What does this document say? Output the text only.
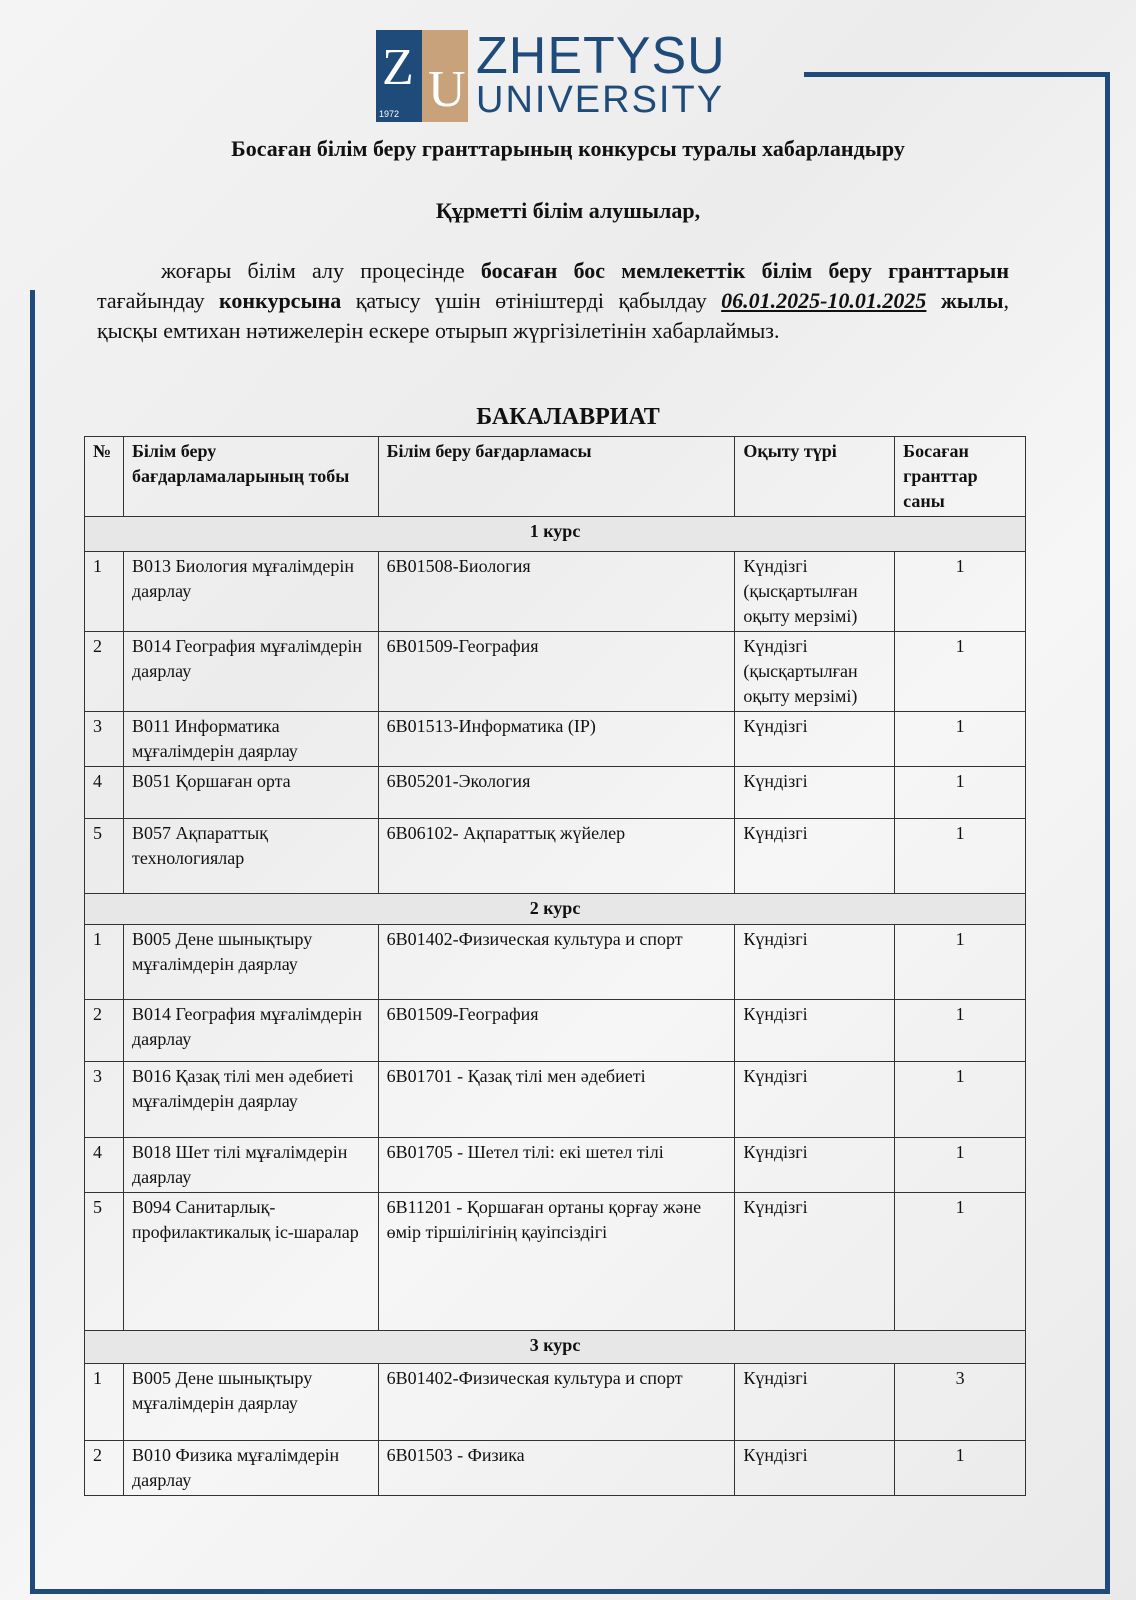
Z
1972 U
ZHETYSU
UNIVERSITY
Босаған білім беру гранттарының конкурсы туралы хабарландыру
Құрметті білім алушылар,
жоғары білім алу процесінде босаған бос мемлекеттік білім беру гранттарын тағайындау конкурсына қатысу үшін өтініштерді қабылдау 06.01.2025-10.01.2025 жылы, қысқы емтихан нәтижелерін ескере отырып жүргізілетінін хабарлаймыз.
БАКАЛАВРИАТ
№	Білім беру бағдарламаларының тобы	Білім беру бағдарламасы	Оқыту түрі	Босаған гранттар саны
1 курс				
1	В013 Биология мұғалімдерін даярлау	6В01508-Биология	Күндізгі (қысқартылған оқыту мерзімі)	1
2	В014 География мұғалімдерін даярлау	6В01509-География	Күндізгі (қысқартылған оқыту мерзімі)	1
3	В011 Информатика мұғалімдерін даярлау	6В01513-Информатика (IP)	Күндізгі	1
4	В051 Қоршаған орта	6В05201-Экология	Күндізгі	1
5	В057 Ақпараттық технологиялар	6В06102- Ақпараттық жүйелер	Күндізгі	1
2 курс				
1	В005 Дене шынықтыру мұғалімдерін даярлау	6В01402-Физическая культура и спорт	Күндізгі	1
2	В014 География мұғалімдерін даярлау	6В01509-География	Күндізгі	1
3	В016 Қазақ тілі мен әдебиеті мұғалімдерін даярлау	6В01701 - Қазақ тілі мен әдебиеті	Күндізгі	1
4	В018 Шет тілі мұғалімдерін даярлау	6В01705 - Шетел тілі: екі шетел тілі	Күндізгі	1
5	В094 Санитарлық-профилактикалық іс-шаралар	6В11201 - Қоршаған ортаны қорғау және өмір тіршілігінің қауіпсіздігі	Күндізгі	1
3 курс				
1	В005 Дене шынықтыру мұғалімдерін даярлау	6В01402-Физическая культура и спорт	Күндізгі	3
2	В010 Физика мұғалімдерін даярлау	6В01503 - Физика	Күндізгі	1
